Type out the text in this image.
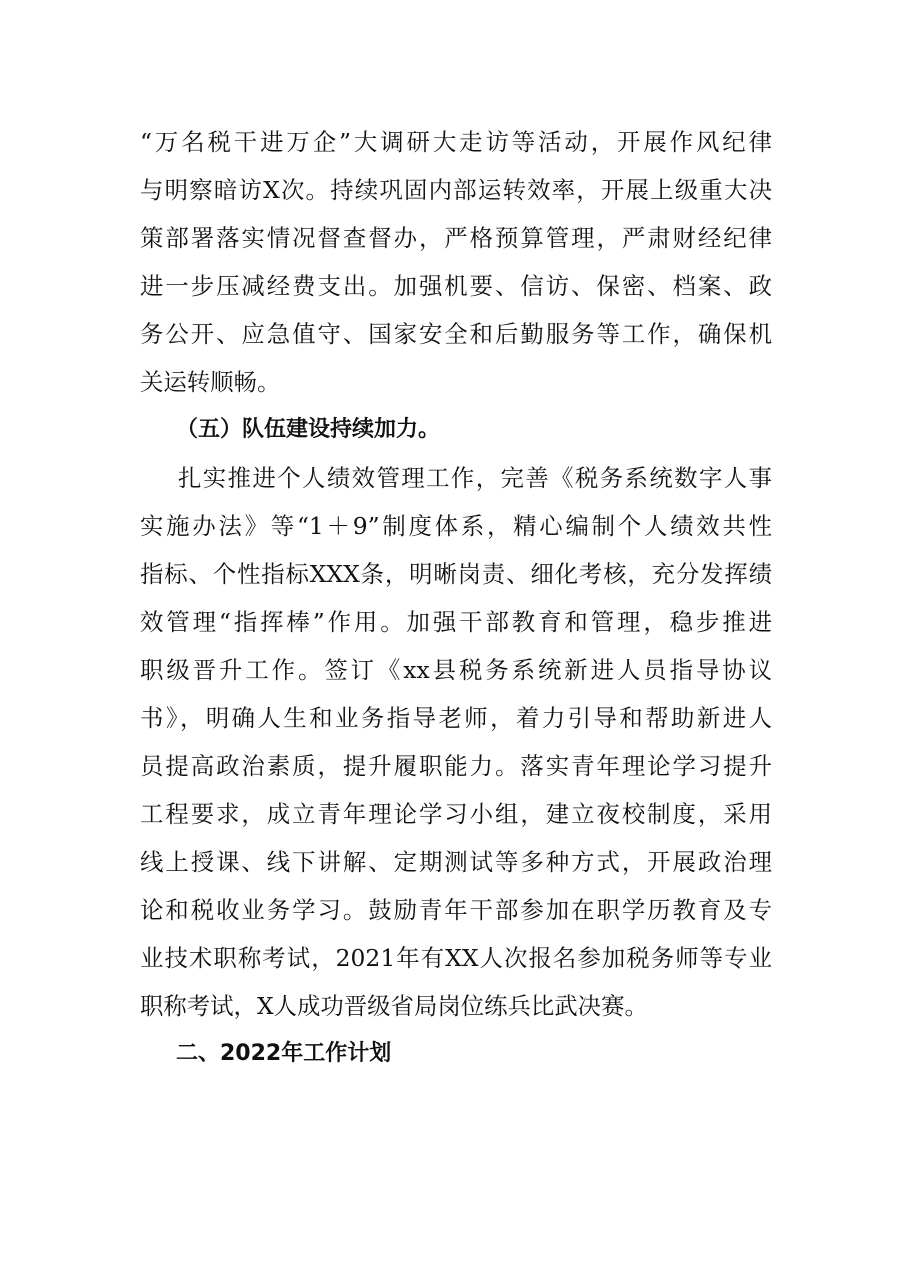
“万名税干进万企”大调研大走访等活动，开展作风纪律
与明察暗访X次。持续巩固内部运转效率，开展上级重大决
策部署落实情况督查督办，严格预算管理，严肃财经纪律
进一步压减经费支出。加强机要、信访、保密、档案、政
务公开、应急值守、国家安全和后勤服务等工作，确保机
关运转顺畅。
（五）队伍建设持续加力。
扎实推进个人绩效管理工作，完善《税务系统数字人事
实施办法》等“1＋9”制度体系，精心编制个人绩效共性
指标、个性指标XXX条，明晰岗责、细化考核，充分发挥绩
效管理“指挥棒”作用。加强干部教育和管理，稳步推进
职级晋升工作。签订《xx县税务系统新进人员指导协议
书》，明确人生和业务指导老师，着力引导和帮助新进人
员提高政治素质，提升履职能力。落实青年理论学习提升
工程要求，成立青年理论学习小组，建立夜校制度，采用
线上授课、线下讲解、定期测试等多种方式，开展政治理
论和税收业务学习。鼓励青年干部参加在职学历教育及专
业技术职称考试，2021年有XX人次报名参加税务师等专业
职称考试，X人成功晋级省局岗位练兵比武决赛。
二、2022年工作计划
